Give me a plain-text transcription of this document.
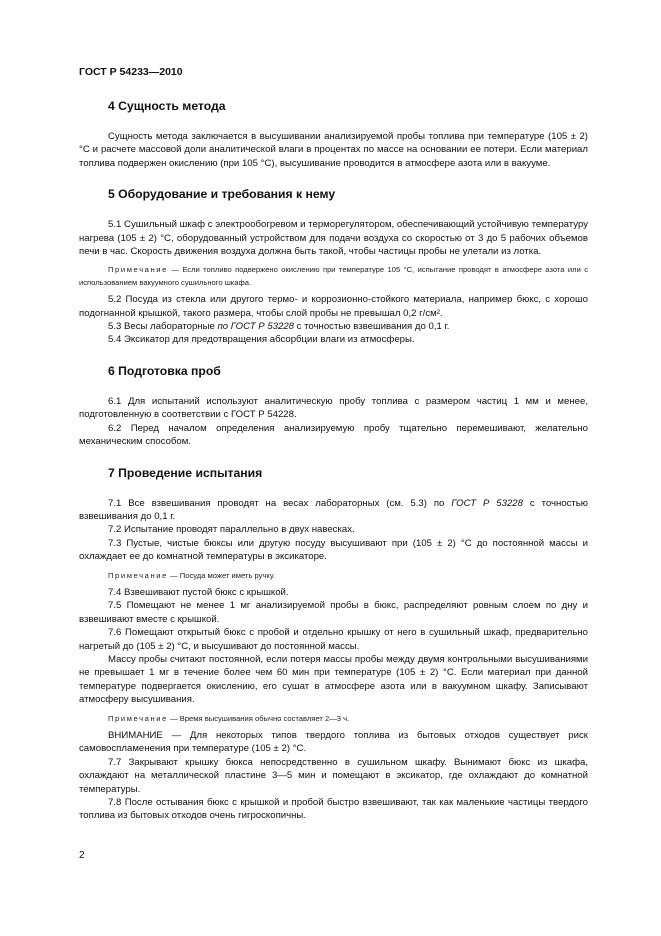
ГОСТ Р 54233—2010
4 Сущность метода

Сущность метода заключается в высушивании анализируемой пробы топлива при температуре (105 ± 2) °C и расчете массовой доли аналитической влаги в процентах по массе на основании ее потери. Если материал топлива подвержен окислению (при 105 °C), высушивание проводится в атмосфере азота или в вакууме.

5 Оборудование и требования к нему

5.1 Сушильный шкаф с электрообогревом и терморегулятором, обеспечивающий устойчивую температуру нагрева (105 ± 2) °C, оборудованный устройством для подачи воздуха со скоростью от 3 до 5 рабочих объемов печи в час. Скорость движения воздуха должна быть такой, чтобы частицы пробы не улетали из лотка.

Примечание — Если топливо подвержено окислению при температуре 105 °C, испытание проводят в атмосфере азота или с использованием вакуумного сушильного шкафа.

5.2 Посуда из стекла или другого термо- и коррозионно-стойкого материала, например бюкс, с хорошо подогнанной крышкой, такого размера, чтобы слой пробы не превышал 0,2 г/см².

5.3 Весы лабораторные по ГОСТ Р 53228 с точностью взвешивания до 0,1 г.

5.4 Эксикатор для предотвращения абсорбции влаги из атмосферы.

6 Подготовка проб

6.1 Для испытаний используют аналитическую пробу топлива с размером частиц 1 мм и менее, подготовленную в соответствии с ГОСТ Р 54228.

6.2 Перед началом определения анализируемую пробу тщательно перемешивают, желательно механическим способом.

7 Проведение испытания

7.1 Все взвешивания проводят на весах лабораторных (см. 5.3) по ГОСТ Р 53228 с точностью взвешивания до 0,1 г.

7.2 Испытание проводят параллельно в двух навесках.

7.3 Пустые, чистые бюксы или другую посуду высушивают при (105 ± 2) °C до постоянной массы и охлаждает ее до комнатной температуры в эксикаторе.

Примечание — Посуда может иметь ручку.

7.4 Взвешивают пустой бюкс с крышкой.

7.5 Помещают не менее 1 мг анализируемой пробы в бюкс, распределяют ровным слоем по дну и взвешивают вместе с крышкой.

7.6 Помещают открытый бюкс с пробой и отдельно крышку от него в сушильный шкаф, предварительно нагретый до (105 ± 2) °C, и высушивают до постоянной массы.

Массу пробы считают постоянной, если потеря массы пробы между двумя контрольными высушиваниями не превышает 1 мг в течение более чем 60 мин при температуре (105 ± 2) °C. Если материал при данной температуре подвергается окислению, его сушат в атмосфере азота или в вакуумном шкафу. Записывают атмосферу высушивания.

Примечание — Время высушивания обычно составляет 2—3 ч.

ВНИМАНИЕ — Для некоторых типов твердого топлива из бытовых отходов существует риск самовоспламенения при температуре (105 ± 2) °C.

7.7 Закрывают крышку бюкса непосредственно в сушильном шкафу. Вынимают бюкс из шкафа, охлаждают на металлической пластине 3—5 мин и помещают в эксикатор, где охлаждают до комнатной температуры.

7.8 После остывания бюкс с крышкой и пробой быстро взвешивают, так как маленькие частицы твердого топлива из бытовых отходов очень гигроскопичны.

2
